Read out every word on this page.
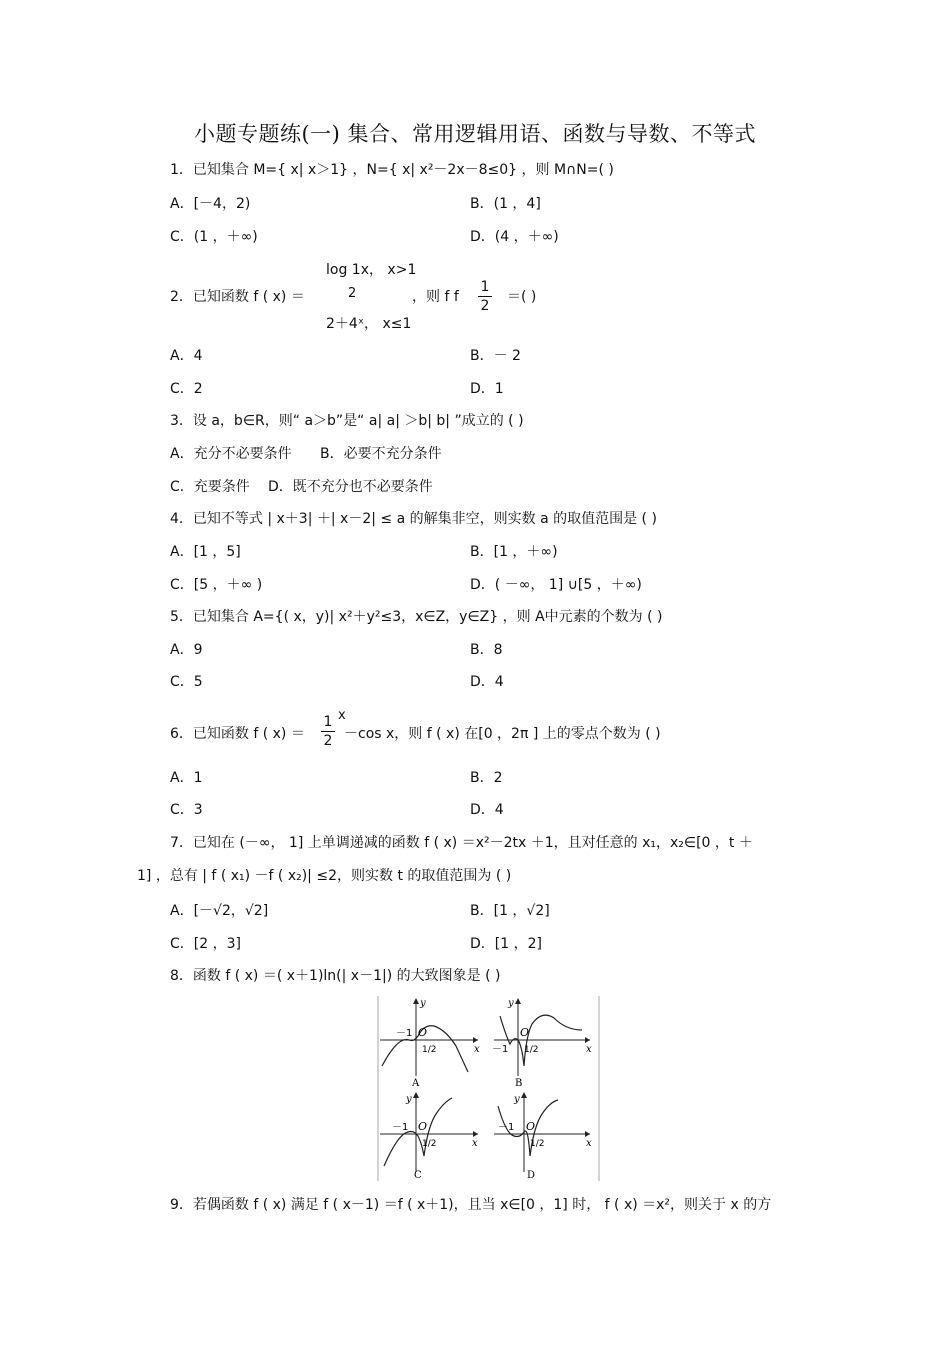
小题专题练(一) 集合、常用逻辑用语、函数与导数、不等式
1．已知集合 M={ x| x＞1} ，N={ x| x²－2x－8≤0} ，则 M∩N=( )
A．[－4，2)	B．(1 ，4]
C．(1 ，＋∞)	D．(4 ，＋∞)
log 1x， x>1
2
2．已知函数 f ( x) ＝	，则 f f $\frac{1}{2}$ ＝( )
2＋4ˣ， x≤1
A．4	B．－ 2
C．2	D．1
3．设 a，b∈R，则“ a＞b”是“ a| a| ＞b| b| ”成立的 ( )
A．充分不必要条件 B．必要不充分条件
C．充要条件 D．既不充分也不必要条件
4．已知不等式 | x＋3| ＋| x－2| ≤ a 的解集非空，则实数 a 的取值范围是 ( )
A．[1 ，5]	B．[1 ，＋∞)
C．[5 ，＋∞ )	D．( －∞， 1] ∪[5 ，＋∞)
5．已知集合 A={( x，y)| x²＋y²≤3，x∈Z，y∈Z} ，则 A中元素的个数为 ( )
A．9	B．8
C．5	D．4
6．已知函数 f ( $x) = \frac{1}{2}$ x
－cos x，则 f ( x) 在[0 ，2π ] 上的零点个数为 ( )
A．1	B．2
C．3	D．4
7．已知在 (－∞， 1] 上单调递减的函数 f ( x) ＝x²－2tx ＋1，且对任意的 x₁，x₂∈[0 ，t ＋
1] ，总有 | f ( x₁) －f ( x₂)| ≤2，则实数 t 的取值范围为 ( )
A．[－√2，√2]	B．[1 ，√2]
C．[2 ，3]	D．[1 ，2]
8．函数 f ( x) ＝( x＋1)ln(| x－1|) 的大致图象是 ( )
y
x
O
－1
1/2
A
y
x
O
－1 1/2
B
y
x
O
－1
1/2
C
y
x
O
－1
1/2
D
9．若偶函数 f ( x) 满足 f ( x－1) ＝f ( x＋1)，且当 x∈[0 ，1] 时， f ( x) ＝x²，则关于 x 的方
